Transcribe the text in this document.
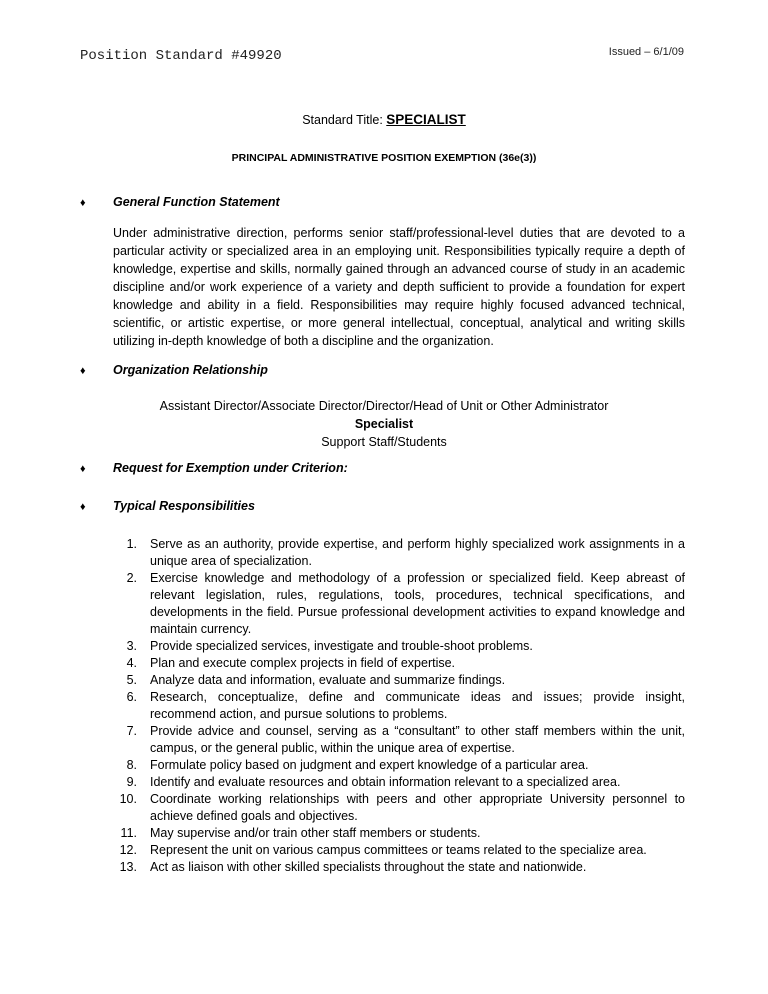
Position Standard #49920	Issued – 6/1/09
Standard Title: SPECIALIST
PRINCIPAL ADMINISTRATIVE POSITION EXEMPTION (36e(3))
♦ General Function Statement
Under administrative direction, performs senior staff/professional-level duties that are devoted to a particular activity or specialized area in an employing unit. Responsibilities typically require a depth of knowledge, expertise and skills, normally gained through an advanced course of study in an academic discipline and/or work experience of a variety and depth sufficient to provide a foundation for expert knowledge and ability in a field. Responsibilities may require highly focused advanced technical, scientific, or artistic expertise, or more general intellectual, conceptual, analytical and writing skills utilizing in-depth knowledge of both a discipline and the organization.
♦ Organization Relationship
Assistant Director/Associate Director/Director/Head of Unit or Other Administrator
Specialist
Support Staff/Students
♦ Request for Exemption under Criterion:
♦ Typical Responsibilities
1. Serve as an authority, provide expertise, and perform highly specialized work assignments in a unique area of specialization.
2. Exercise knowledge and methodology of a profession or specialized field. Keep abreast of relevant legislation, rules, regulations, tools, procedures, technical specifications, and developments in the field. Pursue professional development activities to expand knowledge and maintain currency.
3. Provide specialized services, investigate and trouble-shoot problems.
4. Plan and execute complex projects in field of expertise.
5. Analyze data and information, evaluate and summarize findings.
6. Research, conceptualize, define and communicate ideas and issues; provide insight, recommend action, and pursue solutions to problems.
7. Provide advice and counsel, serving as a “consultant” to other staff members within the unit, campus, or the general public, within the unique area of expertise.
8. Formulate policy based on judgment and expert knowledge of a particular area.
9. Identify and evaluate resources and obtain information relevant to a specialized area.
10. Coordinate working relationships with peers and other appropriate University personnel to achieve defined goals and objectives.
11. May supervise and/or train other staff members or students.
12. Represent the unit on various campus committees or teams related to the specialize area.
13. Act as liaison with other skilled specialists throughout the state and nationwide.
